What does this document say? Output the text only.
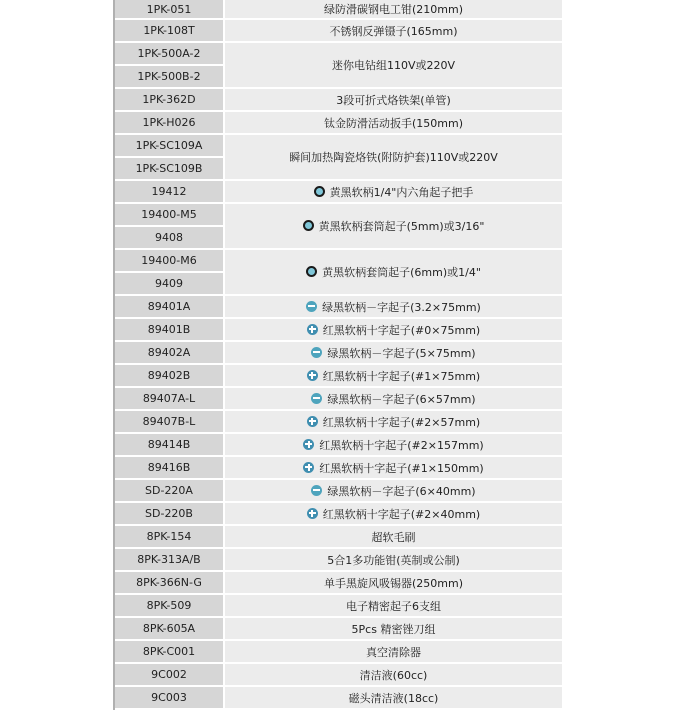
1PK-051	绿防滑碳钢电工钳(210mm)
1PK-108T	不锈钢反弹镊子(165mm)
1PK-500A-2	迷你电钻组110V或220V
1PK-500B-2	
1PK-362D	3段可折式烙铁架(单管)
1PK-H026	钛金防滑活动扳手(150mm)
1PK-SC109A	瞬间加热陶瓷烙铁(附防护套)110V或220V
1PK-SC109B	
19412	黄黑软柄1/4"内六角起子把手
19400-M5	黄黑软柄套筒起子(5mm)或3/16"
9408	
19400-M6	黄黑软柄套筒起子(6mm)或1/4"
9409	
89401A	绿黑软柄－字起子(3.2×75mm)
89401B	红黑软柄十字起子(#0×75mm)
89402A	绿黑软柄－字起子(5×75mm)
89402B	红黑软柄十字起子(#1×75mm)
89407A-L	绿黑软柄－字起子(6×57mm)
89407B-L	红黑软柄十字起子(#2×57mm)
89414B	红黑软柄十字起子(#2×157mm)
89416B	红黑软柄十字起子(#1×150mm)
SD-220A	绿黑软柄－字起子(6×40mm)
SD-220B	红黑软柄十字起子(#2×40mm)
8PK-154	超软毛刷
8PK-313A/B	5合1多功能钳(英制或公制)
8PK-366N-G	单手黑旋风吸锡器(250mm)
8PK-509	电子精密起子6支组
8PK-605A	5Pcs 精密锉刀组
8PK-C001	真空清除器
9C002	清洁液(60cc)
9C003	磁头清洁液(18cc)
